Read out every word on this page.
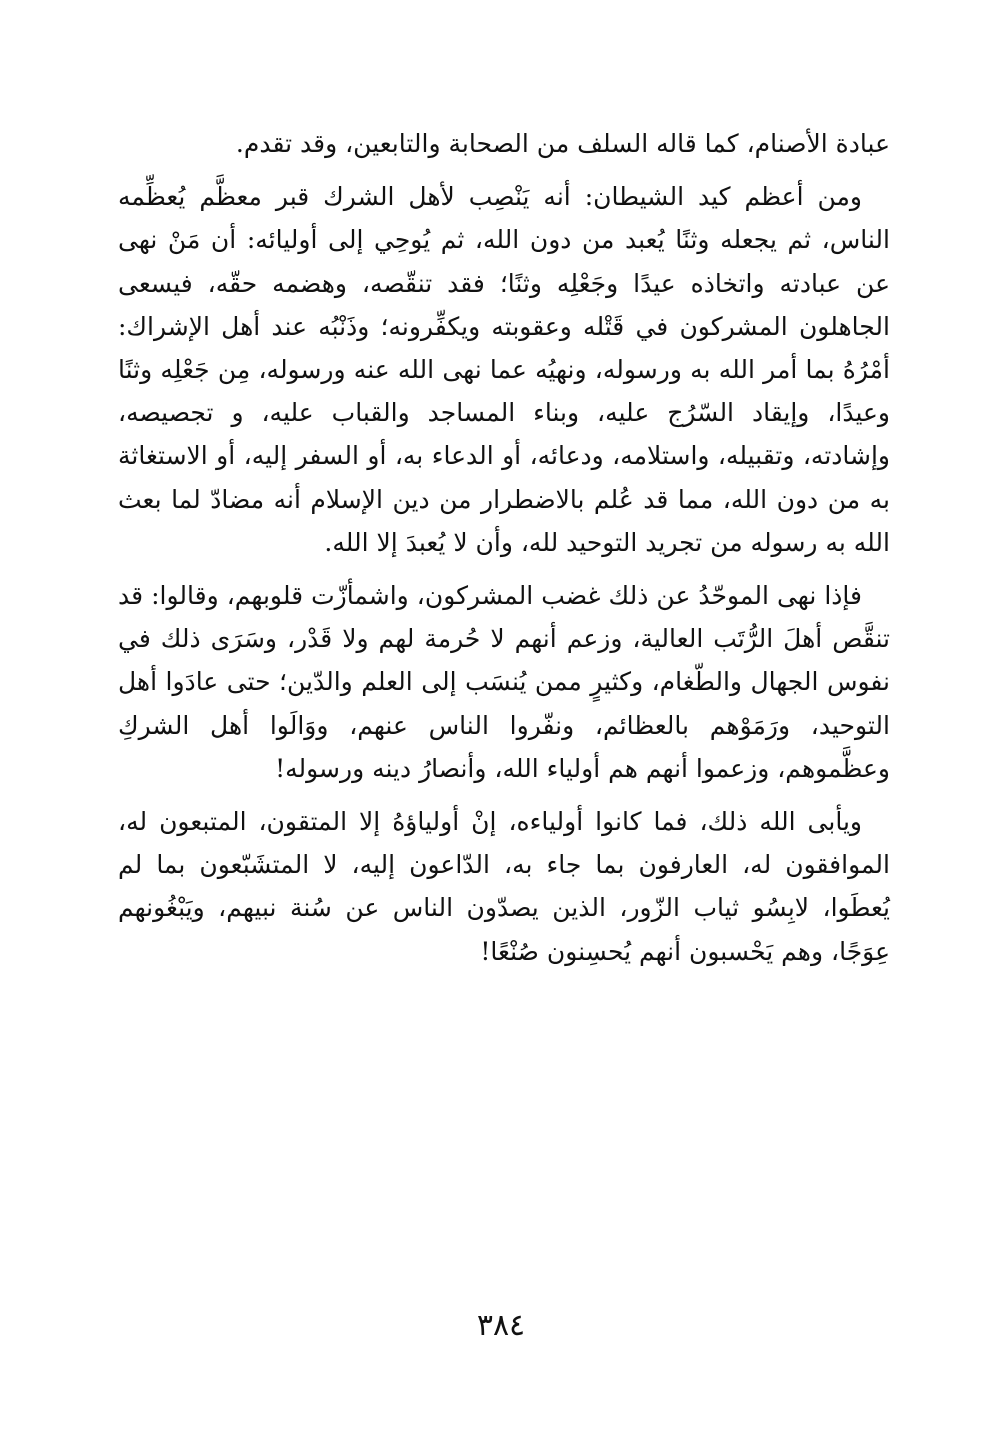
عبادة الأصنام، كما قاله السلف من الصحابة والتابعين، وقد تقدم.

ومن أعظم كيد الشيطان: أنه يَنْصِب لأهل الشرك قبر معظَّم يُعظِّمه الناس، ثم يجعله وثنًا يُعبد من دون الله، ثم يُوحِي إلى أوليائه: أن مَنْ نهى عن عبادته واتخاذه عيدًا وجَعْلِه وثنًا؛ فقد تنقّصه، وهضمه حقّه، فيسعى الجاهلون المشركون في قَتْله وعقوبته ويكفِّرونه؛ وذَنْبُه عند أهل الإشراك: أمْرُهُ بما أمر الله به ورسوله، ونهيُه عما نهى الله عنه ورسوله، مِن جَعْلِه وثنًا وعيدًا، وإيقاد السّرُج عليه، وبناء المساجد والقباب عليه، و تجصيصه، وإشادته، وتقبيله، واستلامه، ودعائه، أو الدعاء به، أو السفر إليه، أو الاستغاثة به من دون الله، مما قد عُلم بالاضطرار من دين الإسلام أنه مضادّ لما بعث الله به رسوله من تجريد التوحيد لله، وأن لا يُعبدَ إلا الله.

فإذا نهى الموحّدُ عن ذلك غضب المشركون، واشمأزّت قلوبهم، وقالوا: قد تنقَّص أهلَ الرُّتَب العالية، وزعم أنهم لا حُرمة لهم ولا قَدْر، وسَرَى ذلك في نفوس الجهال والطّغام، وكثيرٍ ممن يُنسَب إلى العلم والدّين؛ حتى عادَوا أهل التوحيد، ورَمَوْهم بالعظائم، ونفّروا الناس عنهم، ووَالَوا أهل الشركِ وعظَّموهم، وزعموا أنهم هم أولياء الله، وأنصارُ دينه ورسوله!

ويأبى الله ذلك، فما كانوا أولياءه، إنْ أولياؤهُ إلا المتقون، المتبعون له، الموافقون له، العارفون بما جاء به، الدّاعون إليه، لا المتشَبّعون بما لم يُعطَوا، لابِسُو ثياب الزّور، الذين يصدّون الناس عن سُنة نبيهم، ويَبْغُونهم عِوَجًا، وهم يَحْسبون أنهم يُحسِنون صُنْعًا!

٣٨٤
